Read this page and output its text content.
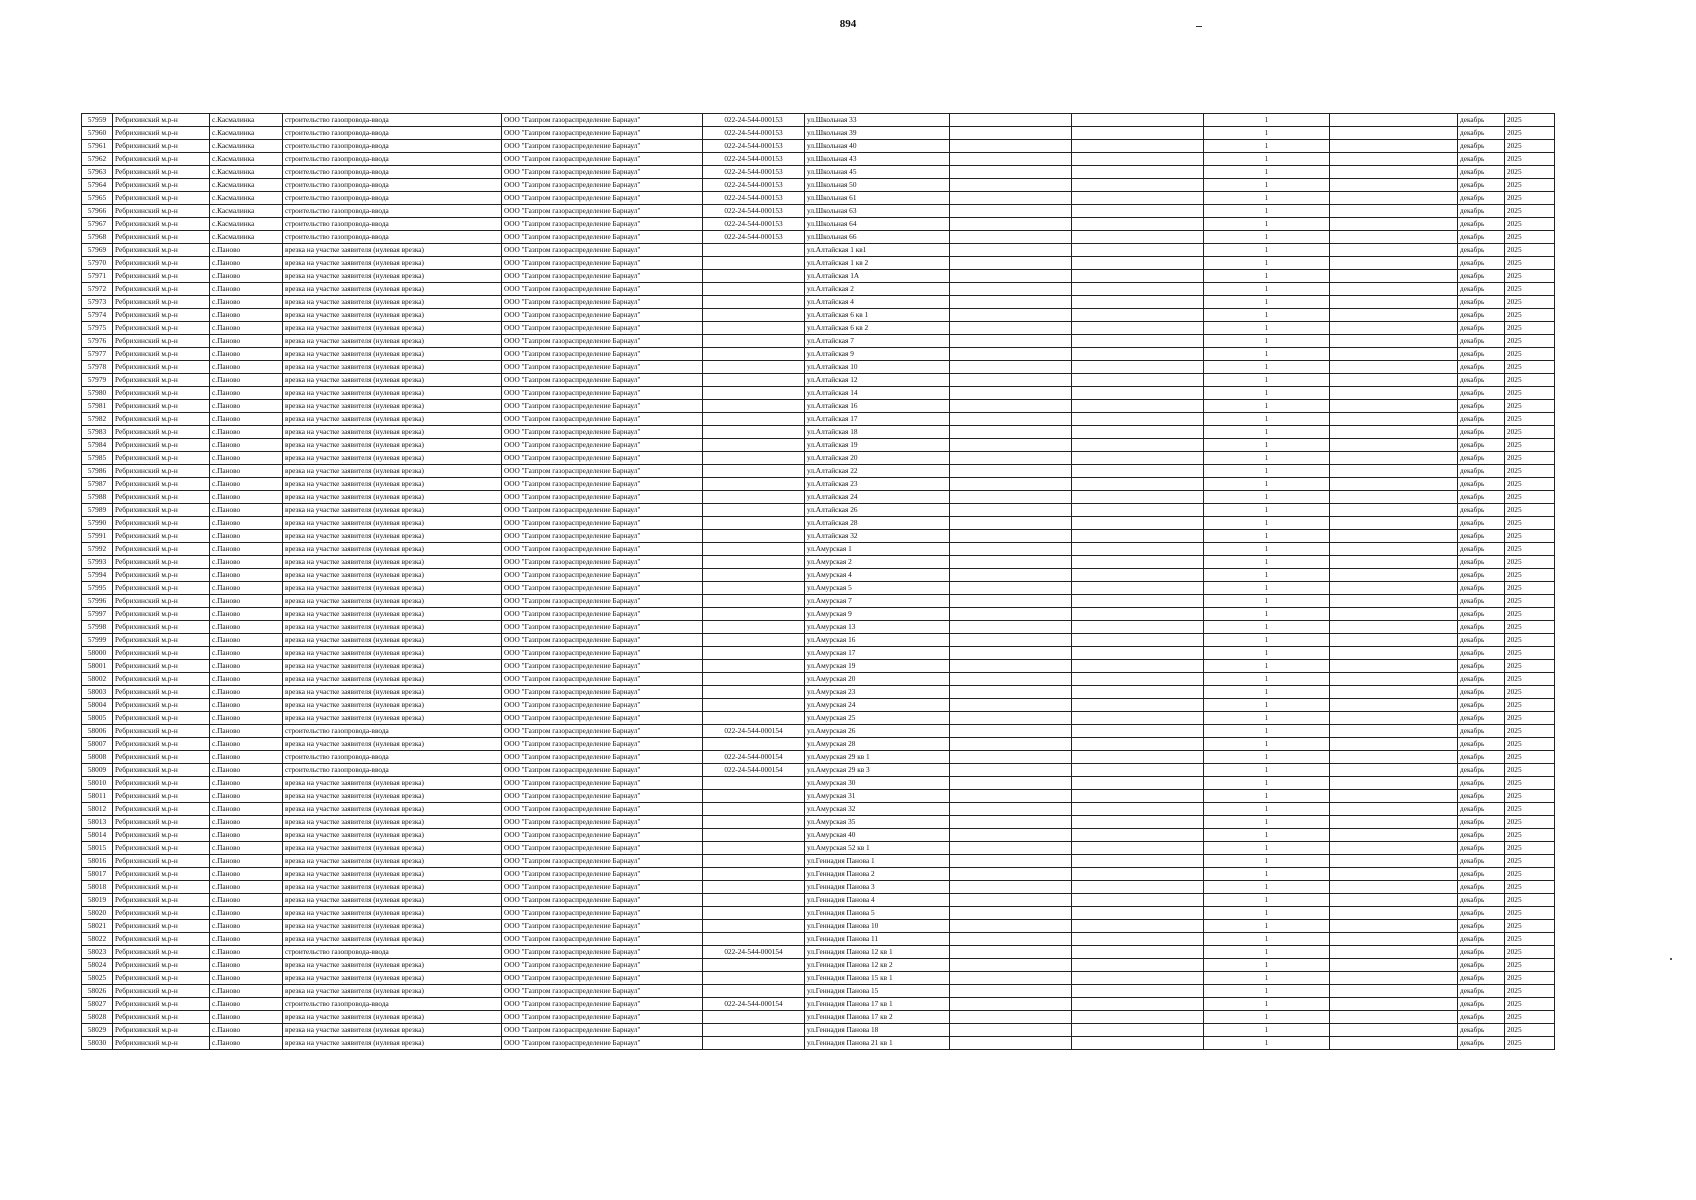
894
57959	Ребрихинский м.р-н	с.Касмалинка	строительство газопровода-ввода	ООО "Газпром газораспределение Барнаул"	022-24-544-000153	ул.Школьная 33			1		декабрь	2025
57960	Ребрихинский м.р-н	с.Касмалинка	строительство газопровода-ввода	ООО "Газпром газораспределение Барнаул"	022-24-544-000153	ул.Школьная 39			1		декабрь	2025
57961	Ребрихинский м.р-н	с.Касмалинка	строительство газопровода-ввода	ООО "Газпром газораспределение Барнаул"	022-24-544-000153	ул.Школьная 40			1		декабрь	2025
57962	Ребрихинский м.р-н	с.Касмалинка	строительство газопровода-ввода	ООО "Газпром газораспределение Барнаул"	022-24-544-000153	ул.Школьная 43			1		декабрь	2025
57963	Ребрихинский м.р-н	с.Касмалинка	строительство газопровода-ввода	ООО "Газпром газораспределение Барнаул"	022-24-544-000153	ул.Школьная 45			1		декабрь	2025
57964	Ребрихинский м.р-н	с.Касмалинка	строительство газопровода-ввода	ООО "Газпром газораспределение Барнаул"	022-24-544-000153	ул.Школьная 50			1		декабрь	2025
57965	Ребрихинский м.р-н	с.Касмалинка	строительство газопровода-ввода	ООО "Газпром газораспределение Барнаул"	022-24-544-000153	ул.Школьная 61			1		декабрь	2025
57966	Ребрихинский м.р-н	с.Касмалинка	строительство газопровода-ввода	ООО "Газпром газораспределение Барнаул"	022-24-544-000153	ул.Школьная 63			1		декабрь	2025
57967	Ребрихинский м.р-н	с.Касмалинка	строительство газопровода-ввода	ООО "Газпром газораспределение Барнаул"	022-24-544-000153	ул.Школьная 64			1		декабрь	2025
57968	Ребрихинский м.р-н	с.Касмалинка	строительство газопровода-ввода	ООО "Газпром газораспределение Барнаул"	022-24-544-000153	ул.Школьная 66			1		декабрь	2025
57969	Ребрихинский м.р-н	с.Паново	врезка на участке заявителя (нулевая врезка)	ООО "Газпром газораспределение Барнаул"		ул.Алтайская 1 кв1			1		декабрь	2025
57970	Ребрихинский м.р-н	с.Паново	врезка на участке заявителя (нулевая врезка)	ООО "Газпром газораспределение Барнаул"		ул.Алтайская 1 кв 2			1		декабрь	2025
57971	Ребрихинский м.р-н	с.Паново	врезка на участке заявителя (нулевая врезка)	ООО "Газпром газораспределение Барнаул"		ул.Алтайская 1А			1		декабрь	2025
57972	Ребрихинский м.р-н	с.Паново	врезка на участке заявителя (нулевая врезка)	ООО "Газпром газораспределение Барнаул"		ул.Алтайская 2			1		декабрь	2025
57973	Ребрихинский м.р-н	с.Паново	врезка на участке заявителя (нулевая врезка)	ООО "Газпром газораспределение Барнаул"		ул.Алтайская 4			1		декабрь	2025
57974	Ребрихинский м.р-н	с.Паново	врезка на участке заявителя (нулевая врезка)	ООО "Газпром газораспределение Барнаул"		ул.Алтайская 6 кв 1			1		декабрь	2025
57975	Ребрихинский м.р-н	с.Паново	врезка на участке заявителя (нулевая врезка)	ООО "Газпром газораспределение Барнаул"		ул.Алтайская 6 кв 2			1		декабрь	2025
57976	Ребрихинский м.р-н	с.Паново	врезка на участке заявителя (нулевая врезка)	ООО "Газпром газораспределение Барнаул"		ул.Алтайская 7			1		декабрь	2025
57977	Ребрихинский м.р-н	с.Паново	врезка на участке заявителя (нулевая врезка)	ООО "Газпром газораспределение Барнаул"		ул.Алтайская 9			1		декабрь	2025
57978	Ребрихинский м.р-н	с.Паново	врезка на участке заявителя (нулевая врезка)	ООО "Газпром газораспределение Барнаул"		ул.Алтайская 10			1		декабрь	2025
57979	Ребрихинский м.р-н	с.Паново	врезка на участке заявителя (нулевая врезка)	ООО "Газпром газораспределение Барнаул"		ул.Алтайская 12			1		декабрь	2025
57980	Ребрихинский м.р-н	с.Паново	врезка на участке заявителя (нулевая врезка)	ООО "Газпром газораспределение Барнаул"		ул.Алтайская 14			1		декабрь	2025
57981	Ребрихинский м.р-н	с.Паново	врезка на участке заявителя (нулевая врезка)	ООО "Газпром газораспределение Барнаул"		ул.Алтайская 16			1		декабрь	2025
57982	Ребрихинский м.р-н	с.Паново	врезка на участке заявителя (нулевая врезка)	ООО "Газпром газораспределение Барнаул"		ул.Алтайская 17			1		декабрь	2025
57983	Ребрихинский м.р-н	с.Паново	врезка на участке заявителя (нулевая врезка)	ООО "Газпром газораспределение Барнаул"		ул.Алтайская 18			1		декабрь	2025
57984	Ребрихинский м.р-н	с.Паново	врезка на участке заявителя (нулевая врезка)	ООО "Газпром газораспределение Барнаул"		ул.Алтайская 19			1		декабрь	2025
57985	Ребрихинский м.р-н	с.Паново	врезка на участке заявителя (нулевая врезка)	ООО "Газпром газораспределение Барнаул"		ул.Алтайская 20			1		декабрь	2025
57986	Ребрихинский м.р-н	с.Паново	врезка на участке заявителя (нулевая врезка)	ООО "Газпром газораспределение Барнаул"		ул.Алтайская 22			1		декабрь	2025
57987	Ребрихинский м.р-н	с.Паново	врезка на участке заявителя (нулевая врезка)	ООО "Газпром газораспределение Барнаул"		ул.Алтайская 23			1		декабрь	2025
57988	Ребрихинский м.р-н	с.Паново	врезка на участке заявителя (нулевая врезка)	ООО "Газпром газораспределение Барнаул"		ул.Алтайская 24			1		декабрь	2025
57989	Ребрихинский м.р-н	с.Паново	врезка на участке заявителя (нулевая врезка)	ООО "Газпром газораспределение Барнаул"		ул.Алтайская 26			1		декабрь	2025
57990	Ребрихинский м.р-н	с.Паново	врезка на участке заявителя (нулевая врезка)	ООО "Газпром газораспределение Барнаул"		ул.Алтайская 28			1		декабрь	2025
57991	Ребрихинский м.р-н	с.Паново	врезка на участке заявителя (нулевая врезка)	ООО "Газпром газораспределение Барнаул"		ул.Алтайская 32			1		декабрь	2025
57992	Ребрихинский м.р-н	с.Паново	врезка на участке заявителя (нулевая врезка)	ООО "Газпром газораспределение Барнаул"		ул.Амурская 1			1		декабрь	2025
57993	Ребрихинский м.р-н	с.Паново	врезка на участке заявителя (нулевая врезка)	ООО "Газпром газораспределение Барнаул"		ул.Амурская 2			1		декабрь	2025
57994	Ребрихинский м.р-н	с.Паново	врезка на участке заявителя (нулевая врезка)	ООО "Газпром газораспределение Барнаул"		ул.Амурская 4			1		декабрь	2025
57995	Ребрихинский м.р-н	с.Паново	врезка на участке заявителя (нулевая врезка)	ООО "Газпром газораспределение Барнаул"		ул.Амурская 5			1		декабрь	2025
57996	Ребрихинский м.р-н	с.Паново	врезка на участке заявителя (нулевая врезка)	ООО "Газпром газораспределение Барнаул"		ул.Амурская 7			1		декабрь	2025
57997	Ребрихинский м.р-н	с.Паново	врезка на участке заявителя (нулевая врезка)	ООО "Газпром газораспределение Барнаул"		ул.Амурская 9			1		декабрь	2025
57998	Ребрихинский м.р-н	с.Паново	врезка на участке заявителя (нулевая врезка)	ООО "Газпром газораспределение Барнаул"		ул.Амурская 13			1		декабрь	2025
57999	Ребрихинский м.р-н	с.Паново	врезка на участке заявителя (нулевая врезка)	ООО "Газпром газораспределение Барнаул"		ул.Амурская 16			1		декабрь	2025
58000	Ребрихинский м.р-н	с.Паново	врезка на участке заявителя (нулевая врезка)	ООО "Газпром газораспределение Барнаул"		ул.Амурская 17			1		декабрь	2025
58001	Ребрихинский м.р-н	с.Паново	врезка на участке заявителя (нулевая врезка)	ООО "Газпром газораспределение Барнаул"		ул.Амурская 19			1		декабрь	2025
58002	Ребрихинский м.р-н	с.Паново	врезка на участке заявителя (нулевая врезка)	ООО "Газпром газораспределение Барнаул"		ул.Амурская 20			1		декабрь	2025
58003	Ребрихинский м.р-н	с.Паново	врезка на участке заявителя (нулевая врезка)	ООО "Газпром газораспределение Барнаул"		ул.Амурская 23			1		декабрь	2025
58004	Ребрихинский м.р-н	с.Паново	врезка на участке заявителя (нулевая врезка)	ООО "Газпром газораспределение Барнаул"		ул.Амурская 24			1		декабрь	2025
58005	Ребрихинский м.р-н	с.Паново	врезка на участке заявителя (нулевая врезка)	ООО "Газпром газораспределение Барнаул"		ул.Амурская 25			1		декабрь	2025
58006	Ребрихинский м.р-н	с.Паново	строительство газопровода-ввода	ООО "Газпром газораспределение Барнаул"	022-24-544-000154	ул.Амурская 26			1		декабрь	2025
58007	Ребрихинский м.р-н	с.Паново	врезка на участке заявителя (нулевая врезка)	ООО "Газпром газораспределение Барнаул"		ул.Амурская 28			1		декабрь	2025
58008	Ребрихинский м.р-н	с.Паново	строительство газопровода-ввода	ООО "Газпром газораспределение Барнаул"	022-24-544-000154	ул.Амурская 29 кв 1			1		декабрь	2025
58009	Ребрихинский м.р-н	с.Паново	строительство газопровода-ввода	ООО "Газпром газораспределение Барнаул"	022-24-544-000154	ул.Амурская 29 кв 3			1		декабрь	2025
58010	Ребрихинский м.р-н	с.Паново	врезка на участке заявителя (нулевая врезка)	ООО "Газпром газораспределение Барнаул"		ул.Амурская 30			1		декабрь	2025
58011	Ребрихинский м.р-н	с.Паново	врезка на участке заявителя (нулевая врезка)	ООО "Газпром газораспределение Барнаул"		ул.Амурская 31			1		декабрь	2025
58012	Ребрихинский м.р-н	с.Паново	врезка на участке заявителя (нулевая врезка)	ООО "Газпром газораспределение Барнаул"		ул.Амурская 32			1		декабрь	2025
58013	Ребрихинский м.р-н	с.Паново	врезка на участке заявителя (нулевая врезка)	ООО "Газпром газораспределение Барнаул"		ул.Амурская 35			1		декабрь	2025
58014	Ребрихинский м.р-н	с.Паново	врезка на участке заявителя (нулевая врезка)	ООО "Газпром газораспределение Барнаул"		ул.Амурская 40			1		декабрь	2025
58015	Ребрихинский м.р-н	с.Паново	врезка на участке заявителя (нулевая врезка)	ООО "Газпром газораспределение Барнаул"		ул.Амурская 52 кв 1			1		декабрь	2025
58016	Ребрихинский м.р-н	с.Паново	врезка на участке заявителя (нулевая врезка)	ООО "Газпром газораспределение Барнаул"		ул.Геннадия Панова 1			1		декабрь	2025
58017	Ребрихинский м.р-н	с.Паново	врезка на участке заявителя (нулевая врезка)	ООО "Газпром газораспределение Барнаул"		ул.Геннадия Панова 2			1		декабрь	2025
58018	Ребрихинский м.р-н	с.Паново	врезка на участке заявителя (нулевая врезка)	ООО "Газпром газораспределение Барнаул"		ул.Геннадия Панова 3			1		декабрь	2025
58019	Ребрихинский м.р-н	с.Паново	врезка на участке заявителя (нулевая врезка)	ООО "Газпром газораспределение Барнаул"		ул.Геннадия Панова 4			1		декабрь	2025
58020	Ребрихинский м.р-н	с.Паново	врезка на участке заявителя (нулевая врезка)	ООО "Газпром газораспределение Барнаул"		ул.Геннадия Панова 5			1		декабрь	2025
58021	Ребрихинский м.р-н	с.Паново	врезка на участке заявителя (нулевая врезка)	ООО "Газпром газораспределение Барнаул"		ул.Геннадия Панова 10			1		декабрь	2025
58022	Ребрихинский м.р-н	с.Паново	врезка на участке заявителя (нулевая врезка)	ООО "Газпром газораспределение Барнаул"		ул.Геннадия Панова 11			1		декабрь	2025
58023	Ребрихинский м.р-н	с.Паново	строительство газопровода-ввода	ООО "Газпром газораспределение Барнаул"	022-24-544-000154	ул.Геннадия Панова 12 кв 1			1		декабрь	2025
58024	Ребрихинский м.р-н	с.Паново	врезка на участке заявителя (нулевая врезка)	ООО "Газпром газораспределение Барнаул"		ул.Геннадия Панова 12 кв 2			1		декабрь	2025
58025	Ребрихинский м.р-н	с.Паново	врезка на участке заявителя (нулевая врезка)	ООО "Газпром газораспределение Барнаул"		ул.Геннадия Панова 15 кв 1			1		декабрь	2025
58026	Ребрихинский м.р-н	с.Паново	врезка на участке заявителя (нулевая врезка)	ООО "Газпром газораспределение Барнаул"		ул.Геннадия Панова 15			1		декабрь	2025
58027	Ребрихинский м.р-н	с.Паново	строительство газопровода-ввода	ООО "Газпром газораспределение Барнаул"	022-24-544-000154	ул.Геннадия Панова 17 кв 1			1		декабрь	2025
58028	Ребрихинский м.р-н	с.Паново	врезка на участке заявителя (нулевая врезка)	ООО "Газпром газораспределение Барнаул"		ул.Геннадия Панова 17 кв 2			1		декабрь	2025
58029	Ребрихинский м.р-н	с.Паново	врезка на участке заявителя (нулевая врезка)	ООО "Газпром газораспределение Барнаул"		ул.Геннадия Панова 18			1		декабрь	2025
58030	Ребрихинский м.р-н	с.Паново	врезка на участке заявителя (нулевая врезка)	ООО "Газпром газораспределение Барнаул"		ул.Геннадия Панова 21 кв 1			1		декабрь	2025
